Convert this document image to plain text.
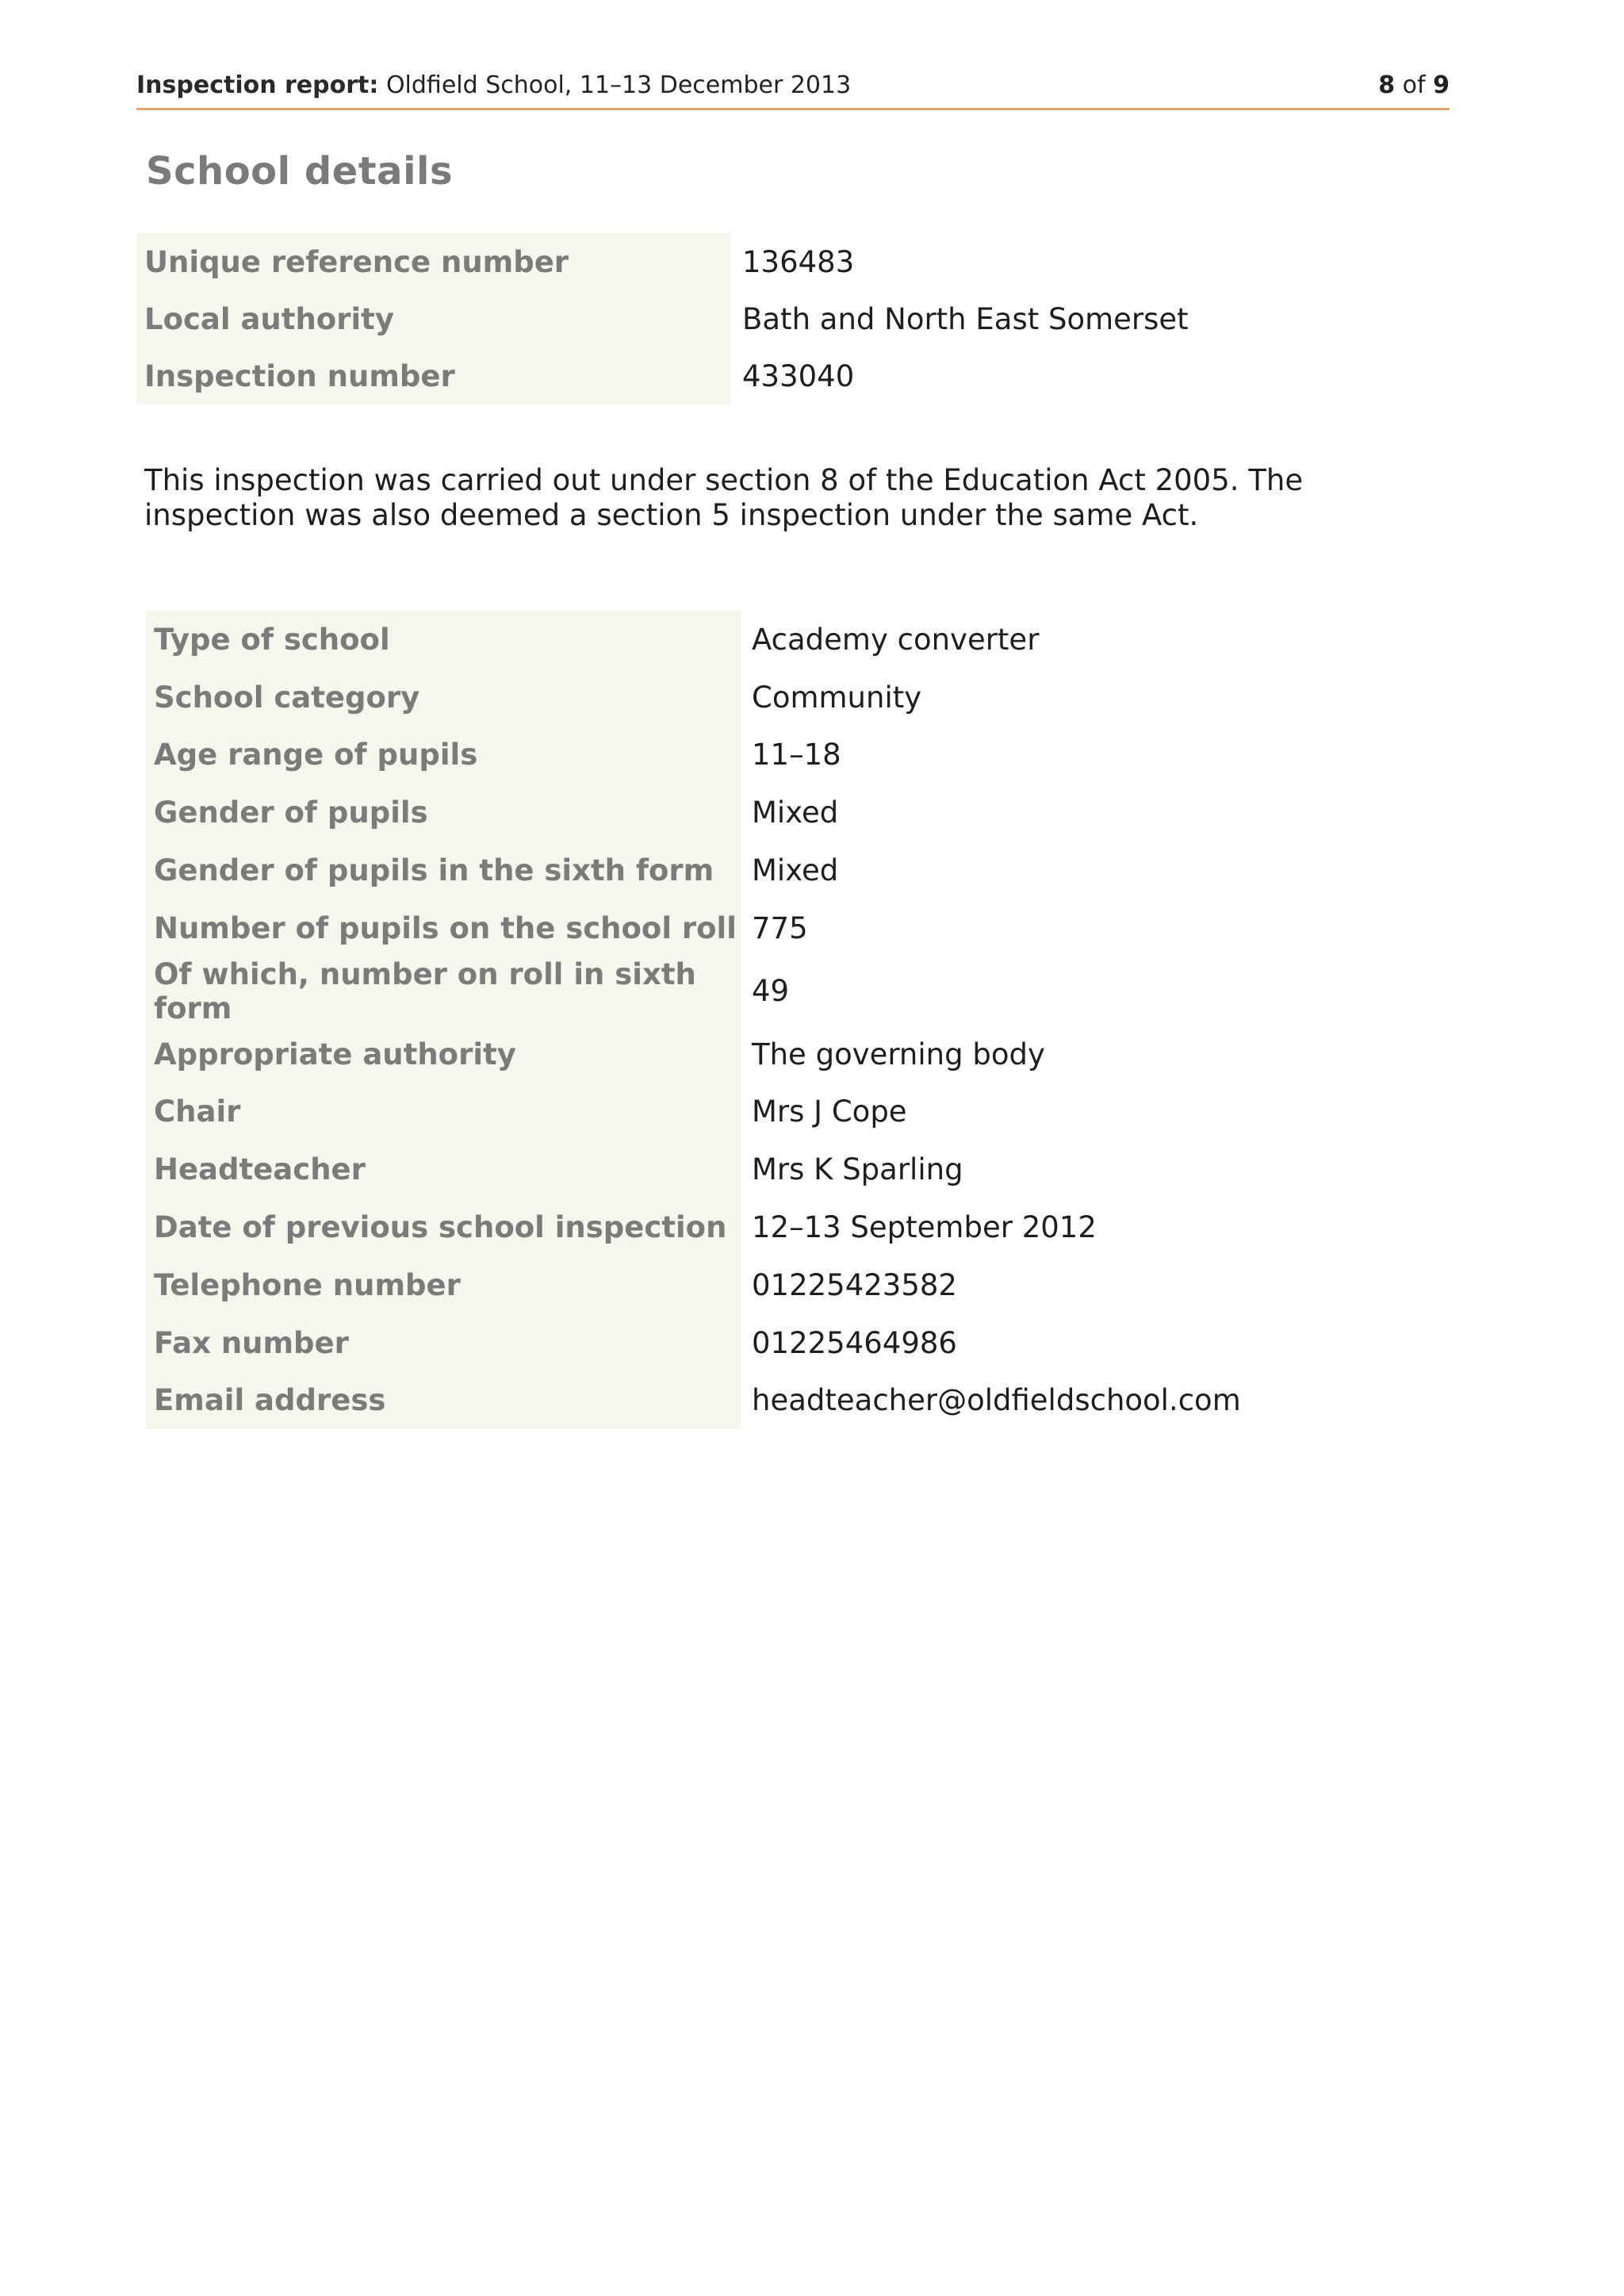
Inspection report: Oldfield School, 11–13 December 2013	8 of 9
School details
Unique reference number	136483
Local authority	Bath and North East Somerset
Inspection number	433040
This inspection was carried out under section 8 of the Education Act 2005. The inspection was also deemed a section 5 inspection under the same Act.
Type of school	Academy converter
School category	Community
Age range of pupils	11–18
Gender of pupils	Mixed
Gender of pupils in the sixth form	Mixed
Number of pupils on the school roll	775
Of which, number on roll in sixth form	49
Appropriate authority	The governing body
Chair	Mrs J Cope
Headteacher	Mrs K Sparling
Date of previous school inspection	12–13 September 2012
Telephone number	01225423582
Fax number	01225464986
Email address	headteacher@oldfieldschool.com
